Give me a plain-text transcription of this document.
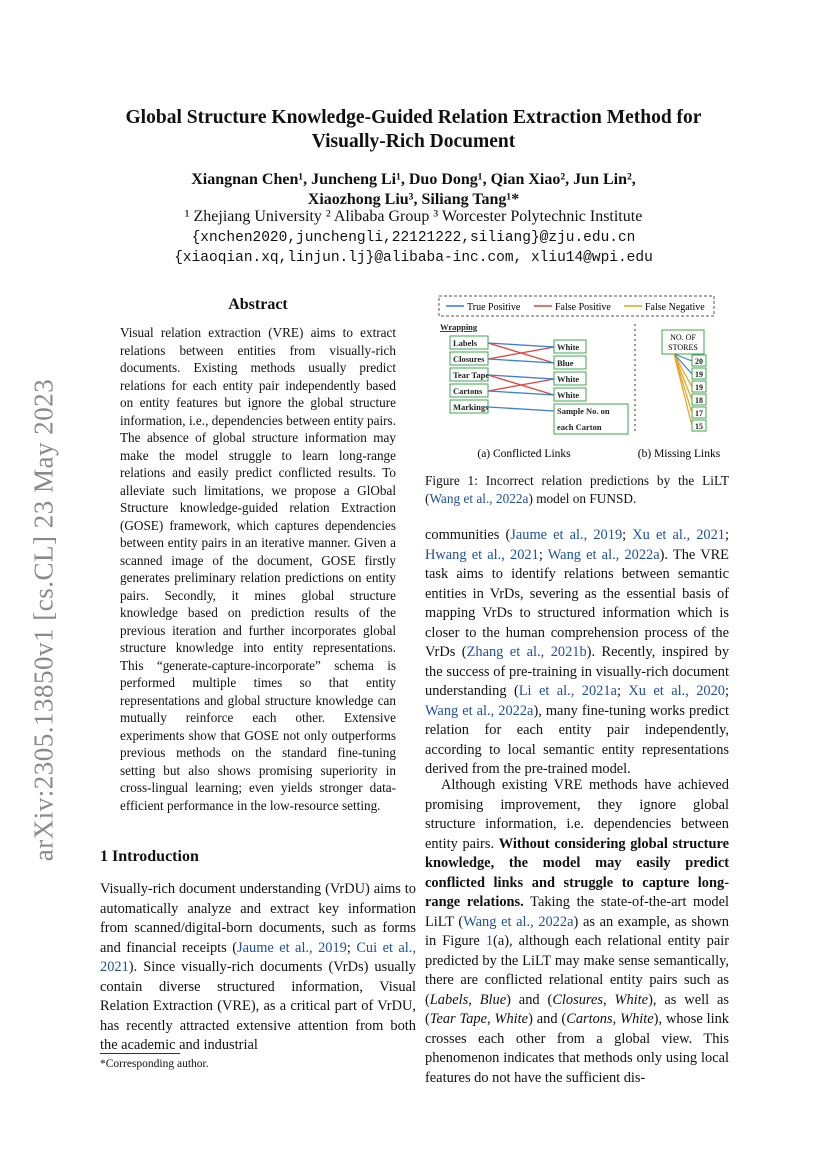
arXiv:2305.13850v1 [cs.CL] 23 May 2023
Global Structure Knowledge-Guided Relation Extraction Method for
Visually-Rich Document
Xiangnan Chen¹, Juncheng Li¹, Duo Dong¹, Qian Xiao², Jun Lin²,
Xiaozhong Liu³, Siliang Tang¹*
¹ Zhejiang University ² Alibaba Group ³ Worcester Polytechnic Institute
{xnchen2020,junchengli,22121222,siliang}@zju.edu.cn
{xiaoqian.xq,linjun.lj}@alibaba-inc.com, xliu14@wpi.edu
Abstract
Visual relation extraction (VRE) aims to extract relations between entities from visually-rich documents. Existing methods usually predict relations for each entity pair independently based on entity features but ignore the global structure information, i.e., dependencies between entity pairs. The absence of global structure information may make the model struggle to learn long-range relations and easily predict conflicted results. To alleviate such limitations, we propose a GlObal Structure knowledge-guided relation Extraction (GOSE) framework, which captures dependencies between entity pairs in an iterative manner. Given a scanned image of the document, GOSE firstly generates preliminary relation predictions on entity pairs. Secondly, it mines global structure knowledge based on prediction results of the previous iteration and further incorporates global structure knowledge into entity representations. This “generate-capture-incorporate” schema is performed multiple times so that entity representations and global structure knowledge can mutually reinforce each other. Extensive experiments show that GOSE not only outperforms previous methods on the standard fine-tuning setting but also shows promising superiority in cross-lingual learning; even yields stronger data-efficient performance in the low-resource setting.
1 Introduction
Visually-rich document understanding (VrDU) aims to automatically analyze and extract key information from scanned/digital-born documents, such as forms and financial receipts (Jaume et al., 2019; Cui et al., 2021). Since visually-rich documents (VrDs) usually contain diverse structured information, Visual Relation Extraction (VRE), as a critical part of VrDU, has recently attracted extensive attention from both the academic and industrial
*Corresponding author.
True Positive	False Positive	False Negative
Wrapping
Labels
Closures
Tear Tape
Cartons
Markings
White
Blue
White
White
Sample No. on
each Carton
NO. OF
STORES
20
19
19
18
17
15
(a) Conflicted Links	(b) Missing Links
Figure 1: Incorrect relation predictions by the LiLT (Wang et al., 2022a) model on FUNSD.
communities (Jaume et al., 2019; Xu et al., 2021; Hwang et al., 2021; Wang et al., 2022a). The VRE task aims to identify relations between semantic entities in VrDs, severing as the essential basis of mapping VrDs to structured information which is closer to the human comprehension process of the VrDs (Zhang et al., 2021b). Recently, inspired by the success of pre-training in visually-rich document understanding (Li et al., 2021a; Xu et al., 2020; Wang et al., 2022a), many fine-tuning works predict relation for each entity pair independently, according to local semantic entity representations derived from the pre-trained model.
Although existing VRE methods have achieved promising improvement, they ignore global structure information, i.e. dependencies between entity pairs. Without considering global structure knowledge, the model may easily predict conflicted links and struggle to capture long-range relations. Taking the state-of-the-art model LiLT (Wang et al., 2022a) as an example, as shown in Figure 1(a), although each relational entity pair predicted by the LiLT may make sense semantically, there are conflicted relational entity pairs such as (Labels, Blue) and (Closures, White), as well as (Tear Tape, White) and (Cartons, White), whose link crosses each other from a global view. This phenomenon indicates that methods only using local features do not have the sufficient dis-
